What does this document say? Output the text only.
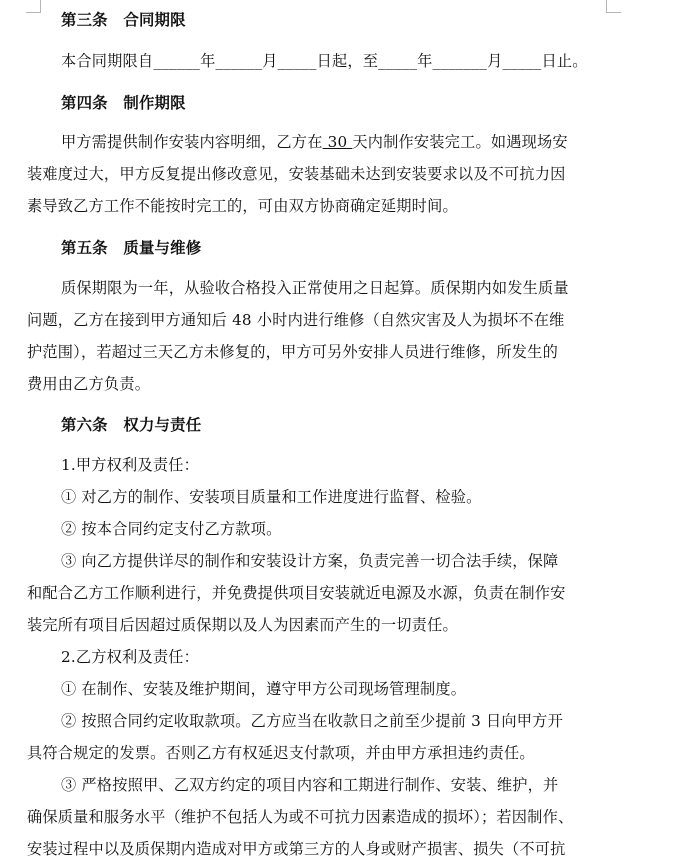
第三条　合同期限
本合同期限自______年______月_____日起，至_____年_______月_____日止。
第四条　制作期限
甲方需提供制作安装内容明细，乙方在 30 天内制作安装完工。如遇现场安
装难度过大，甲方反复提出修改意见，安装基础未达到安装要求以及不可抗力因
素导致乙方工作不能按时完工的，可由双方协商确定延期时间。
第五条　质量与维修
质保期限为一年，从验收合格投入正常使用之日起算。质保期内如发生质量
问题，乙方在接到甲方通知后 48 小时内进行维修（自然灾害及人为损坏不在维
护范围），若超过三天乙方未修复的，甲方可另外安排人员进行维修，所发生的
费用由乙方负责。
第六条　权力与责任
1.甲方权利及责任：
① 对乙方的制作、安装项目质量和工作进度进行监督、检验。
② 按本合同约定支付乙方款项。
③ 向乙方提供详尽的制作和安装设计方案，负责完善一切合法手续，保障
和配合乙方工作顺利进行，并免费提供项目安装就近电源及水源，负责在制作安
装完所有项目后因超过质保期以及人为因素而产生的一切责任。
2.乙方权利及责任：
① 在制作、安装及维护期间，遵守甲方公司现场管理制度。
② 按照合同约定收取款项。乙方应当在收款日之前至少提前 3 日向甲方开
具符合规定的发票。否则乙方有权延迟支付款项，并由甲方承担违约责任。
③ 严格按照甲、乙双方约定的项目内容和工期进行制作、安装、维护，并
确保质量和服务水平（维护不包括人为或不可抗力因素造成的损坏）；若因制作、
安装过程中以及质保期内造成对甲方或第三方的人身或财产损害、损失（不可抗
